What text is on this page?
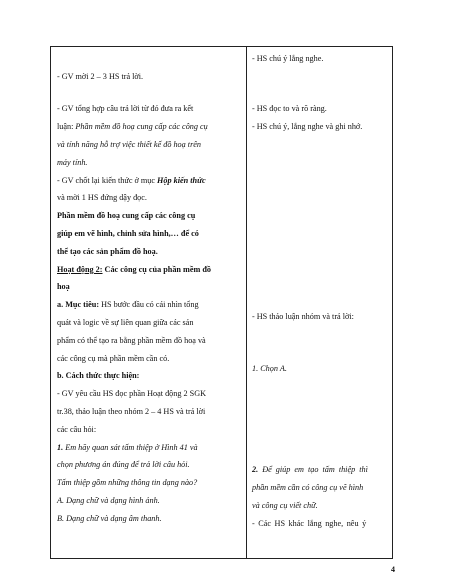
- GV mời 2 – 3 HS trả lời.
- GV tổng hợp câu trả lời từ đó đưa ra kết
luận: Phần mềm đồ hoạ cung cấp các công cụ
và tính năng hỗ trợ việc thiết kế đồ hoạ trên
máy tính.
- GV chốt lại kiến thức ở mục Hộp kiến thức
và mời 1 HS đứng dậy đọc.
Phần mềm đồ hoạ cung cấp các công cụ
giúp em vẽ hình, chỉnh sửa hình,… để có
thể tạo các sản phẩm đồ hoạ.
Hoạt động 2: Các công cụ của phần mềm đồ
hoạ
a. Mục tiêu: HS bước đầu có cái nhìn tổng
quát và logic về sự liên quan giữa các sản
phẩm có thể tạo ra bằng phần mềm đồ hoạ và
các công cụ mà phần mềm cần có.
b. Cách thức thực hiện:
- GV yêu cầu HS đọc phần Hoạt động 2 SGK
tr.38, thảo luận theo nhóm 2 – 4 HS và trả lời
các câu hỏi:
1. Em hãy quan sát tấm thiệp ở Hình 41 và
chọn phương án đúng để trả lời câu hỏi.
Tấm thiệp gồm những thông tin dạng nào?
A. Dạng chữ và dạng hình ảnh.
B. Dạng chữ và dạng âm thanh.
- HS chú ý lắng nghe.
- HS đọc to và rõ ràng.
- HS chú ý, lắng nghe và ghi nhớ.
- HS thảo luận nhóm và trả lời:
1. Chọn A.
2. Để giúp em tạo tấm thiệp thì
phần mềm cần có công cụ vẽ hình
và công cụ viết chữ.
- Các HS khác lắng nghe, nêu ý
4
